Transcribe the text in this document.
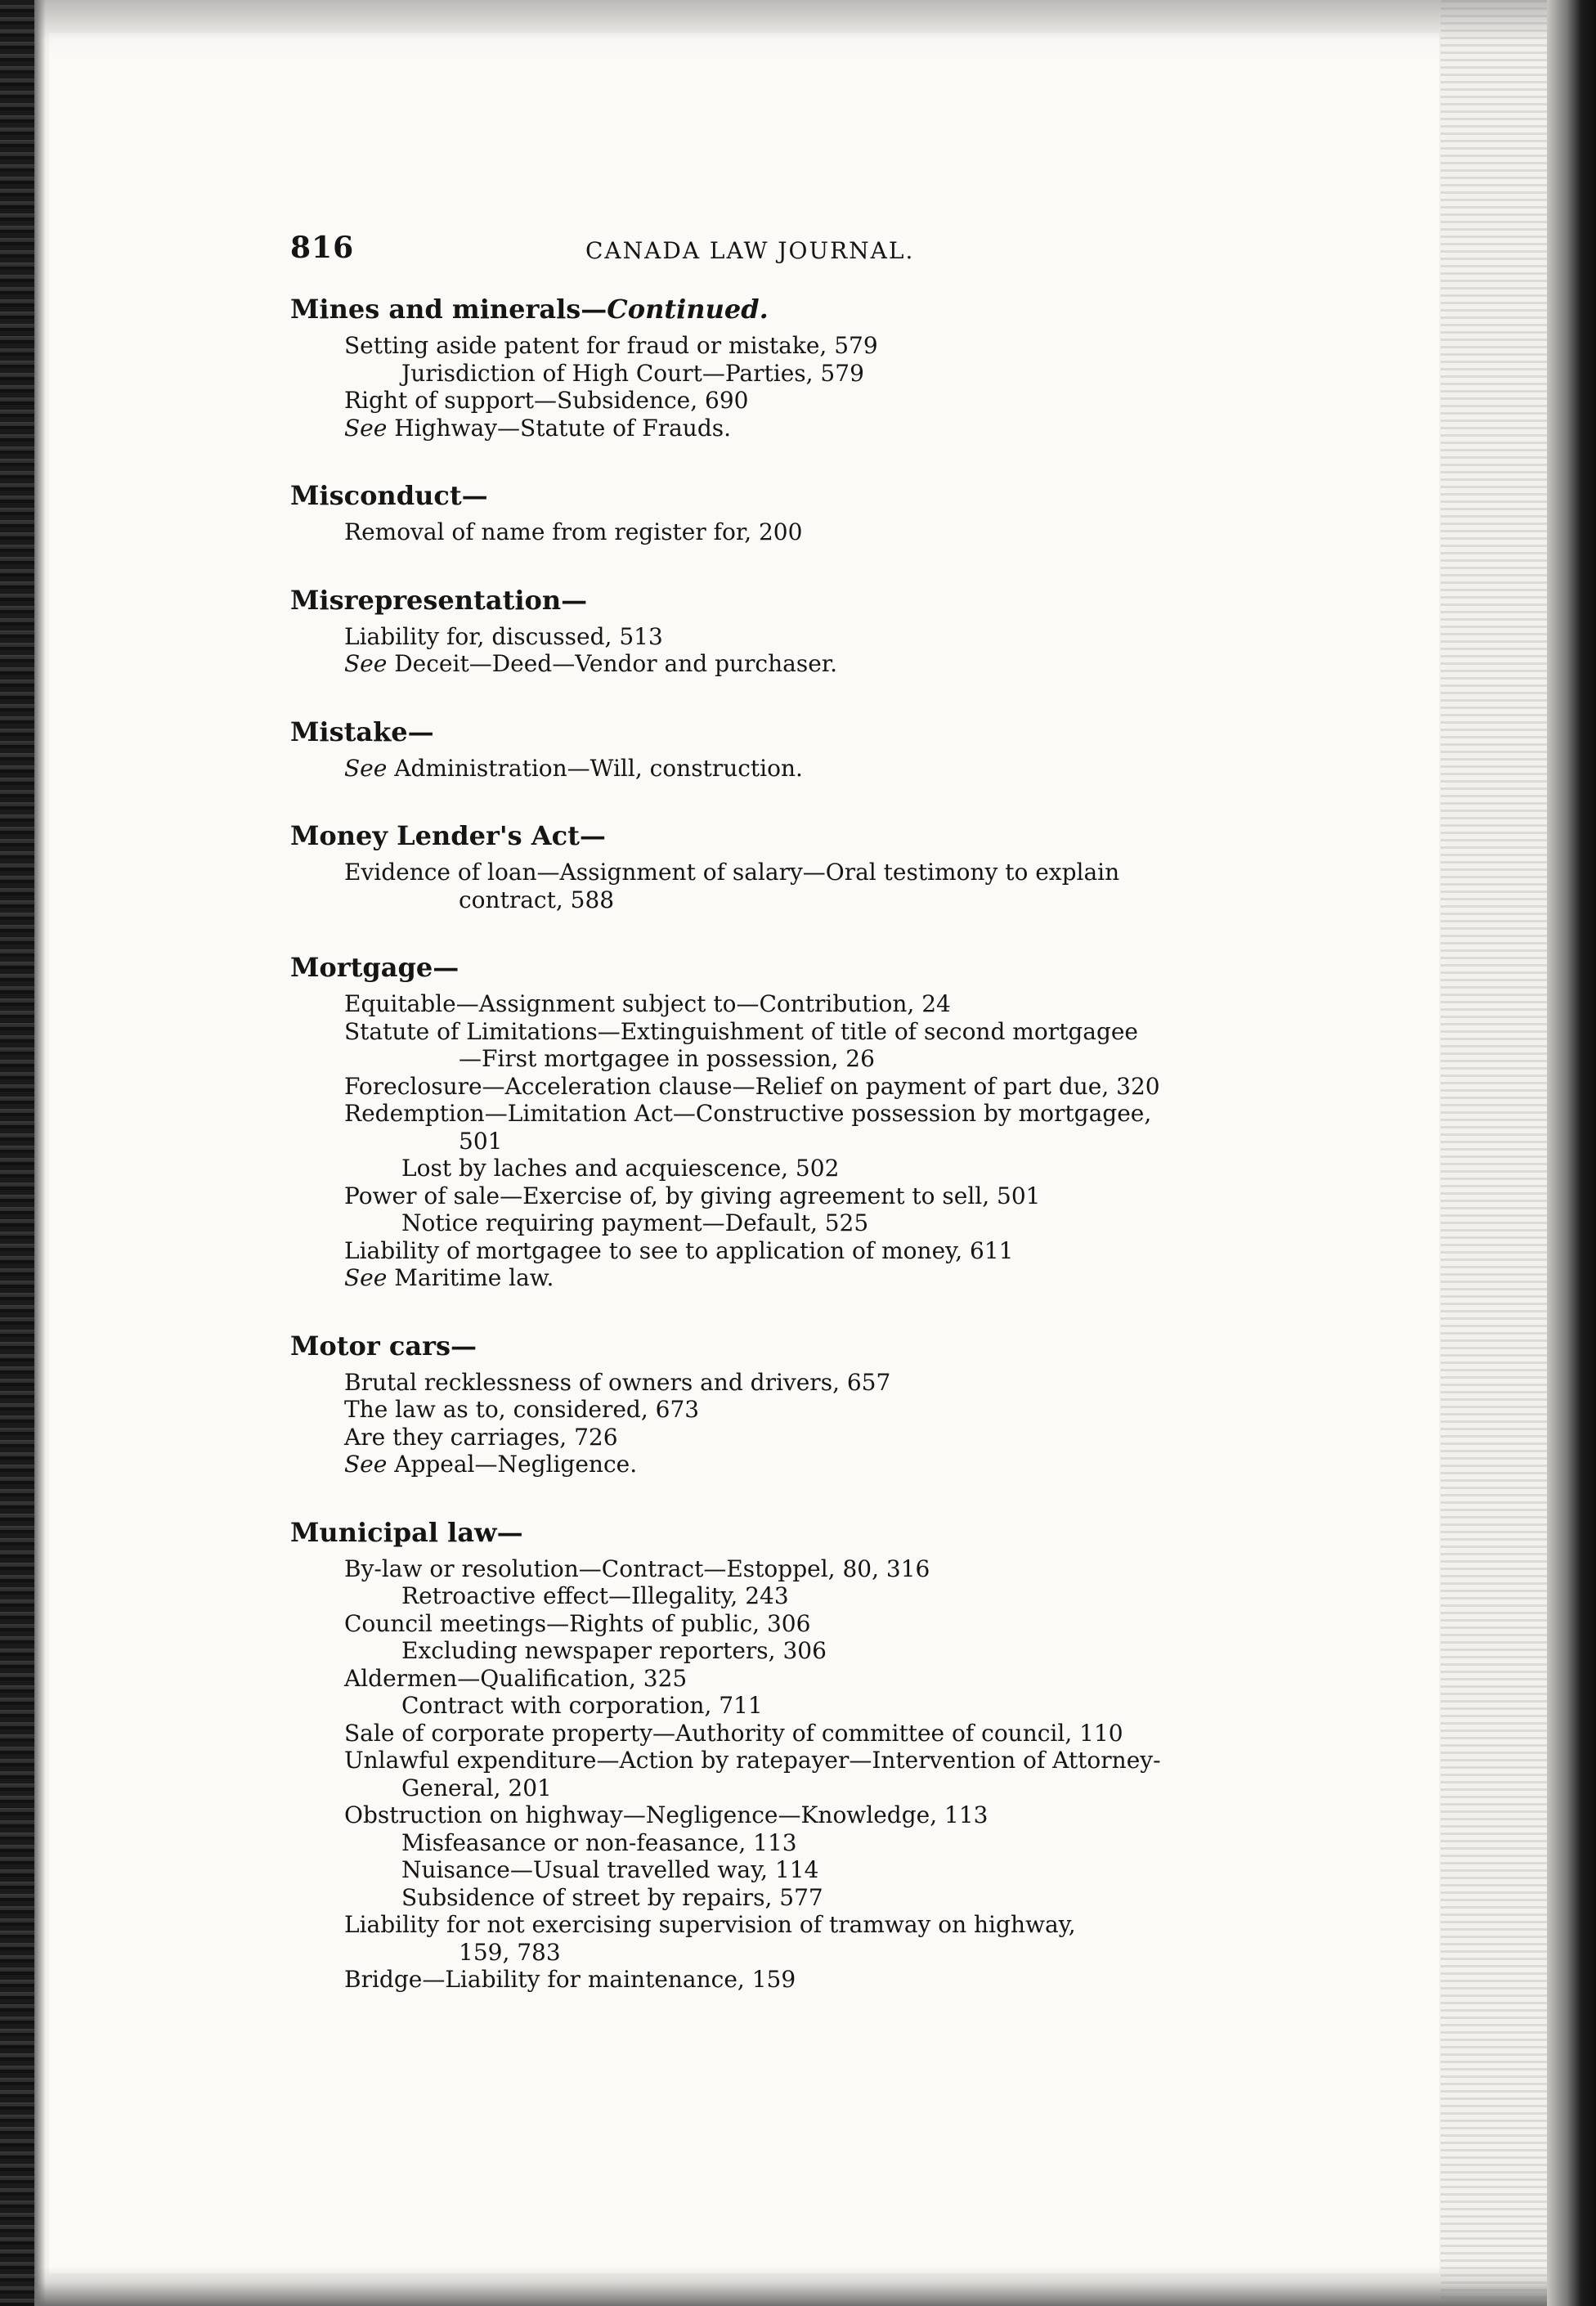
816	CANADA LAW JOURNAL.
Mines and minerals—Continued.
Setting aside patent for fraud or mistake, 579
Jurisdiction of High Court—Parties, 579
Right of support—Subsidence, 690
See Highway—Statute of Frauds.
Misconduct—
Removal of name from register for, 200
Misrepresentation—
Liability for, discussed, 513
See Deceit—Deed—Vendor and purchaser.
Mistake—
See Administration—Will, construction.
Money Lender's Act—
Evidence of loan—Assignment of salary—Oral testimony to explain
contract, 588
Mortgage—
Equitable—Assignment subject to—Contribution, 24
Statute of Limitations—Extinguishment of title of second mortgagee
—First mortgagee in possession, 26
Foreclosure—Acceleration clause—Relief on payment of part due, 320
Redemption—Limitation Act—Constructive possession by mortgagee,
501
Lost by laches and acquiescence, 502
Power of sale—Exercise of, by giving agreement to sell, 501
Notice requiring payment—Default, 525
Liability of mortgagee to see to application of money, 611
See Maritime law.
Motor cars—
Brutal recklessness of owners and drivers, 657
The law as to, considered, 673
Are they carriages, 726
See Appeal—Negligence.
Municipal law—
By-law or resolution—Contract—Estoppel, 80, 316
Retroactive effect—Illegality, 243
Council meetings—Rights of public, 306
Excluding newspaper reporters, 306
Aldermen—Qualification, 325
Contract with corporation, 711
Sale of corporate property—Authority of committee of council, 110
Unlawful expenditure—Action by ratepayer—Intervention of Attorney-
General, 201
Obstruction on highway—Negligence—Knowledge, 113
Misfeasance or non-feasance, 113
Nuisance—Usual travelled way, 114
Subsidence of street by repairs, 577
Liability for not exercising supervision of tramway on highway,
159, 783
Bridge—Liability for maintenance, 159
